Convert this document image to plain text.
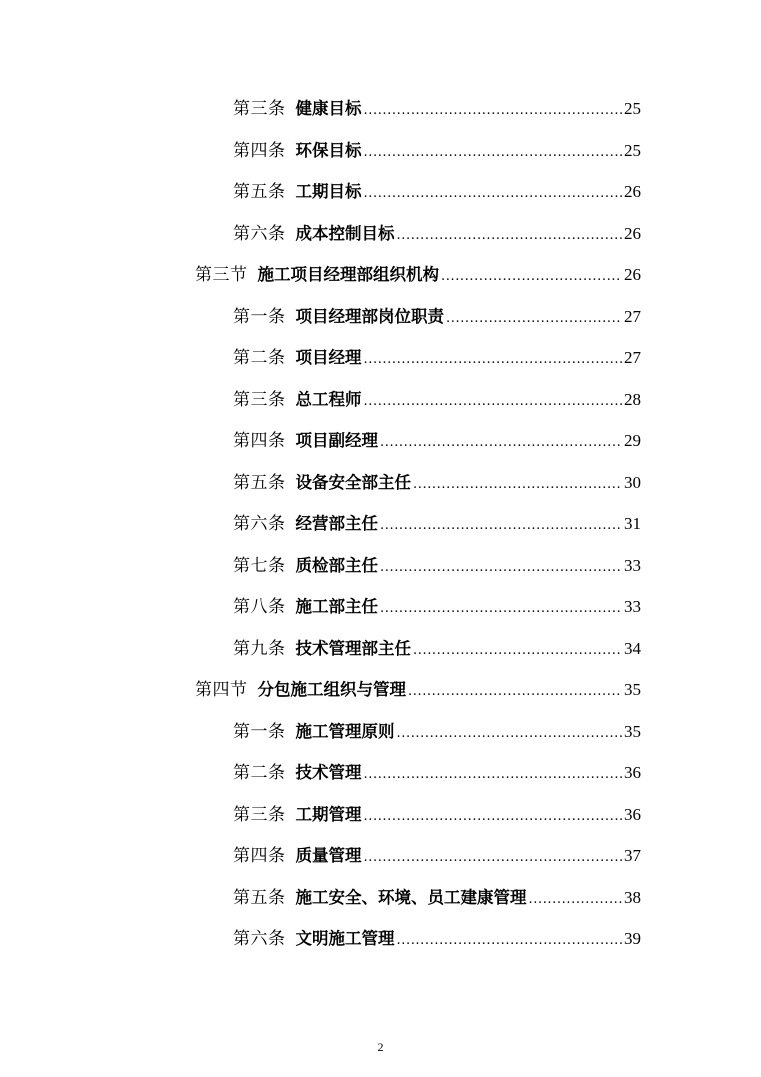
第三条 健康目标 .....	25
第四条 环保目标 .....	25
第五条 工期目标 .....	26
第六条 成本控制目标 .....	26
第三节 施工项目经理部组织机构 .....	26
第一条 项目经理部岗位职责 .....	27
第二条 项目经理 .....	27
第三条 总工程师 .....	28
第四条 项目副经理 .....	29
第五条 设备安全部主任 .....	30
第六条 经营部主任 .....	31
第七条 质检部主任 .....	33
第八条 施工部主任 .....	33
第九条 技术管理部主任 .....	34
第四节 分包施工组织与管理 .....	35
第一条 施工管理原则 .....	35
第二条 技术管理 .....	36
第三条 工期管理 .....	36
第四条 质量管理 .....	37
第五条 施工安全、环境、员工建康管理 .....	38
第六条 文明施工管理 .....	39
2
